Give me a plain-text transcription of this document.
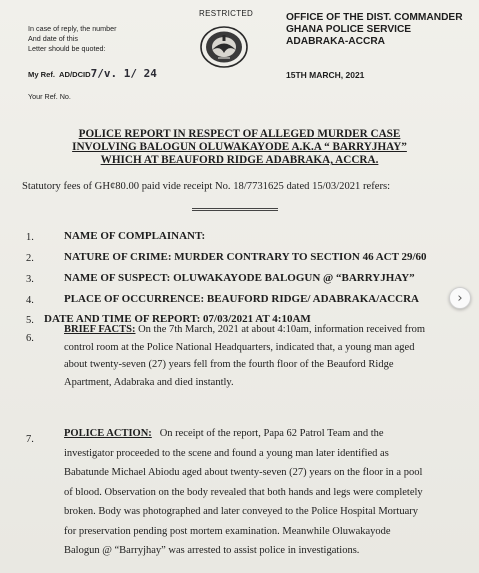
In case of reply, the number
And date of this
Letter should be quoted:
My Ref. AD/DCID7/v. 1/ 24
Your Ref. No.
RESTRICTED	OFFICE OF THE DIST. COMMANDER
GHANA POLICE SERVICE
ADABRAKA-ACCRA
15TH MARCH, 2021
POLICE REPORT IN RESPECT OF ALLEGED MURDER CASE
INVOLVING BALOGUN OLUWAKAYODE A.K.A “ BARRYJHAY”
WHICH AT BEAUFORD RIDGE ADABRAKA, ACCRA.
Statutory fees of GH¢80.00 paid vide receipt No. 18/7731625 dated 15/03/2021 refers:
1.	NAME OF COMPLAINANT:
2.	NATURE OF CRIME: MURDER CONTRARY TO SECTION 46 ACT 29/60
3.	NAME OF SUSPECT: OLUWAKAYODE BALOGUN @ “BARRYJHAY”
4.	PLACE OF OCCURRENCE: BEAUFORD RIDGE/ ADABRAKA/ACCRA
5. DATE AND TIME OF REPORT: 07/03/2021 AT 4:10AM
6.
BRIEF FACTS: On the 7th March, 2021 at about 4:10am, information received from
control room at the Police National Headquarters, indicated that, a young man aged
about twenty-seven (27) years fell from the fourth floor of the Beauford Ridge
Apartment, Adabraka and died instantly.
7.
POLICE ACTION:   On receipt of the report, Papa 62 Patrol Team and the
investigator proceeded to the scene and found a young man later identified as
Babatunde Michael Abiodu aged about twenty-seven (27) years on the floor in a pool
of blood. Observation on the body revealed that both hands and legs were completely
broken. Body was photographed and later conveyed to the Police Hospital Mortuary
for preservation pending post mortem examination. Meanwhile Oluwakayode
Balogun @ “Barryjhay” was arrested to assist police in investigations.
›
